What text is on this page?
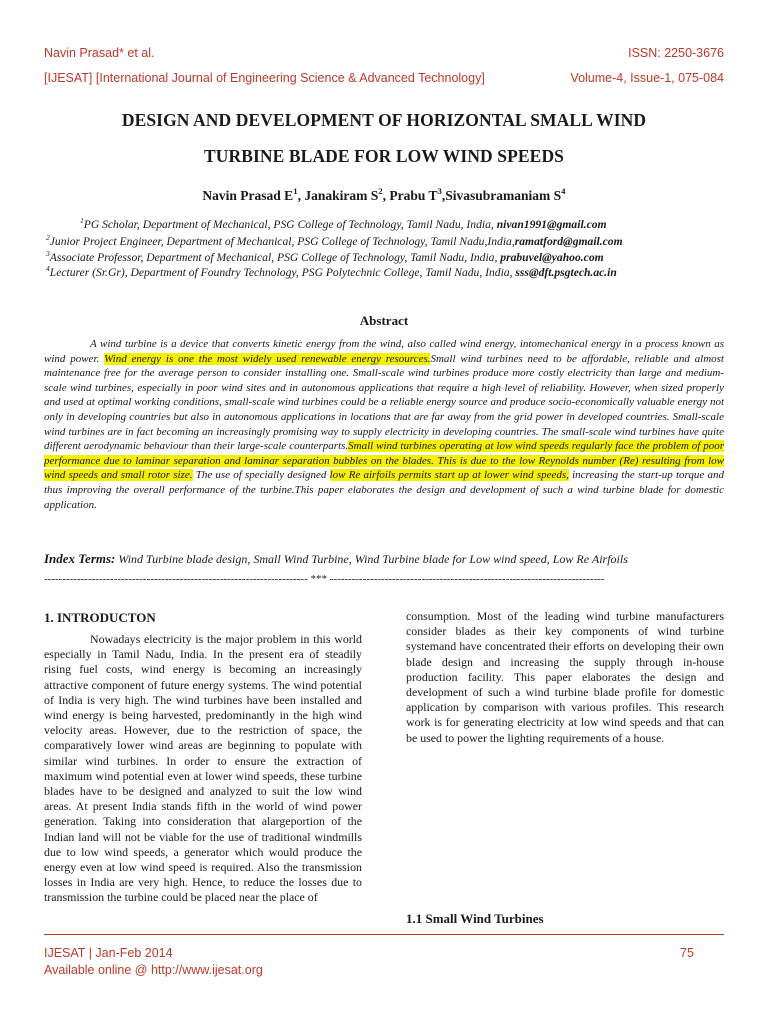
Navin Prasad* et al.	ISSN: 2250-3676
[IJESAT] [International Journal of Engineering Science & Advanced Technology]	Volume-4, Issue-1, 075-084
DESIGN AND DEVELOPMENT OF HORIZONTAL SMALL WIND
TURBINE BLADE FOR LOW WIND SPEEDS
Navin Prasad $E^1$, Janakiram $S^2$, Prabu $T^3,Sivasubramaniam$ $S^4$
$^1$PG Scholar, Department of Mechanical, PSG College of Technology, Tamil Nadu, India, nivan1991@gmail.com
$^2$Junior Project Engineer, Department of Mechanical, PSG College of Technology, Tamil Nadu,India,ramatford@gmail.com
$^3$Associate Professor, Department of Mechanical, PSG College of Technology, Tamil Nadu, India, prabuvel@yahoo.com
$^4$Lecturer (Sr.Gr), Department of Foundry Technology, PSG Polytechnic College, Tamil Nadu, India, sss@dft.psgtech.ac.in
Abstract
A wind turbine is a device that converts kinetic energy from the wind, also called wind energy, intomechanical energy in a process known as wind power. Wind energy is one the most widely used renewable energy resources.Small wind turbines need to be affordable, reliable and almost maintenance free for the average person to consider installing one. Small-scale wind turbines produce more costly electricity than large and medium-scale wind turbines, especially in poor wind sites and in autonomous applications that require a high level of reliability. However, when sized properly and used at optimal working conditions, small-scale wind turbines could be a reliable energy source and produce socio-economically valuable energy not only in developing countries but also in autonomous applications in locations that are far away from the grid power in developed countries. Small-scale wind turbines are in fact becoming an increasingly promising way to supply electricity in developing countries. The small-scale wind turbines have quite different aerodynamic behaviour than their large-scale counterparts.Small wind turbines operating at low wind speeds regularly face the problem of poor performance due to laminar separation and laminar separation bubbles on the blades. This is due to the low Reynolds number (Re) resulting from low wind speeds and small rotor size. The use of specially designed low Re airfoils permits start up at lower wind speeds, increasing the start-up torque and thus improving the overall performance of the turbine.This paper elaborates the design and development of such a wind turbine blade for domestic application.
Index Terms: Wind Turbine blade design, Small Wind Turbine, Wind Turbine blade for Low wind speed, Low Re Airfoils
------------------------------------------------------------------------ *** ---------------------------------------------------------------------------
1. INTRODUCTON

Nowadays electricity is the major problem in this world especially in Tamil Nadu, India. In the present era of steadily rising fuel costs, wind energy is becoming an increasingly attractive component of future energy systems. The wind potential of India is very high. The wind turbines have been installed and wind energy is being harvested, predominantly in the high wind velocity areas. However, due to the restriction of space, the comparatively lower wind areas are beginning to populate with similar wind turbines. In order to ensure the extraction of maximum wind potential even at lower wind speeds, these turbine blades have to be designed and analyzed to suit the low wind areas. At present India stands fifth in the world of wind power generation. Taking into consideration that alargeportion of the Indian land will not be viable for the use of traditional windmills due to low wind speeds, a generator which would produce the energy even at low wind speed is required. Also the transmission losses in India are very high. Hence, to reduce the losses due to transmission the turbine could be placed near the place of

consumption. Most of the leading wind turbine manufacturers consider blades as their key components of wind turbine systemand have concentrated their efforts on developing their own blade design and increasing the supply through in-house production facility. This paper elaborates the design and development of such a wind turbine blade profile for domestic application by comparison with various profiles. This research work is for generating electricity at low wind speeds and that can be used to power the lighting requirements of a house.

1.1 Small Wind Turbines
IJESAT | Jan-Feb 2014	75
Available online @ http://www.ijesat.org
